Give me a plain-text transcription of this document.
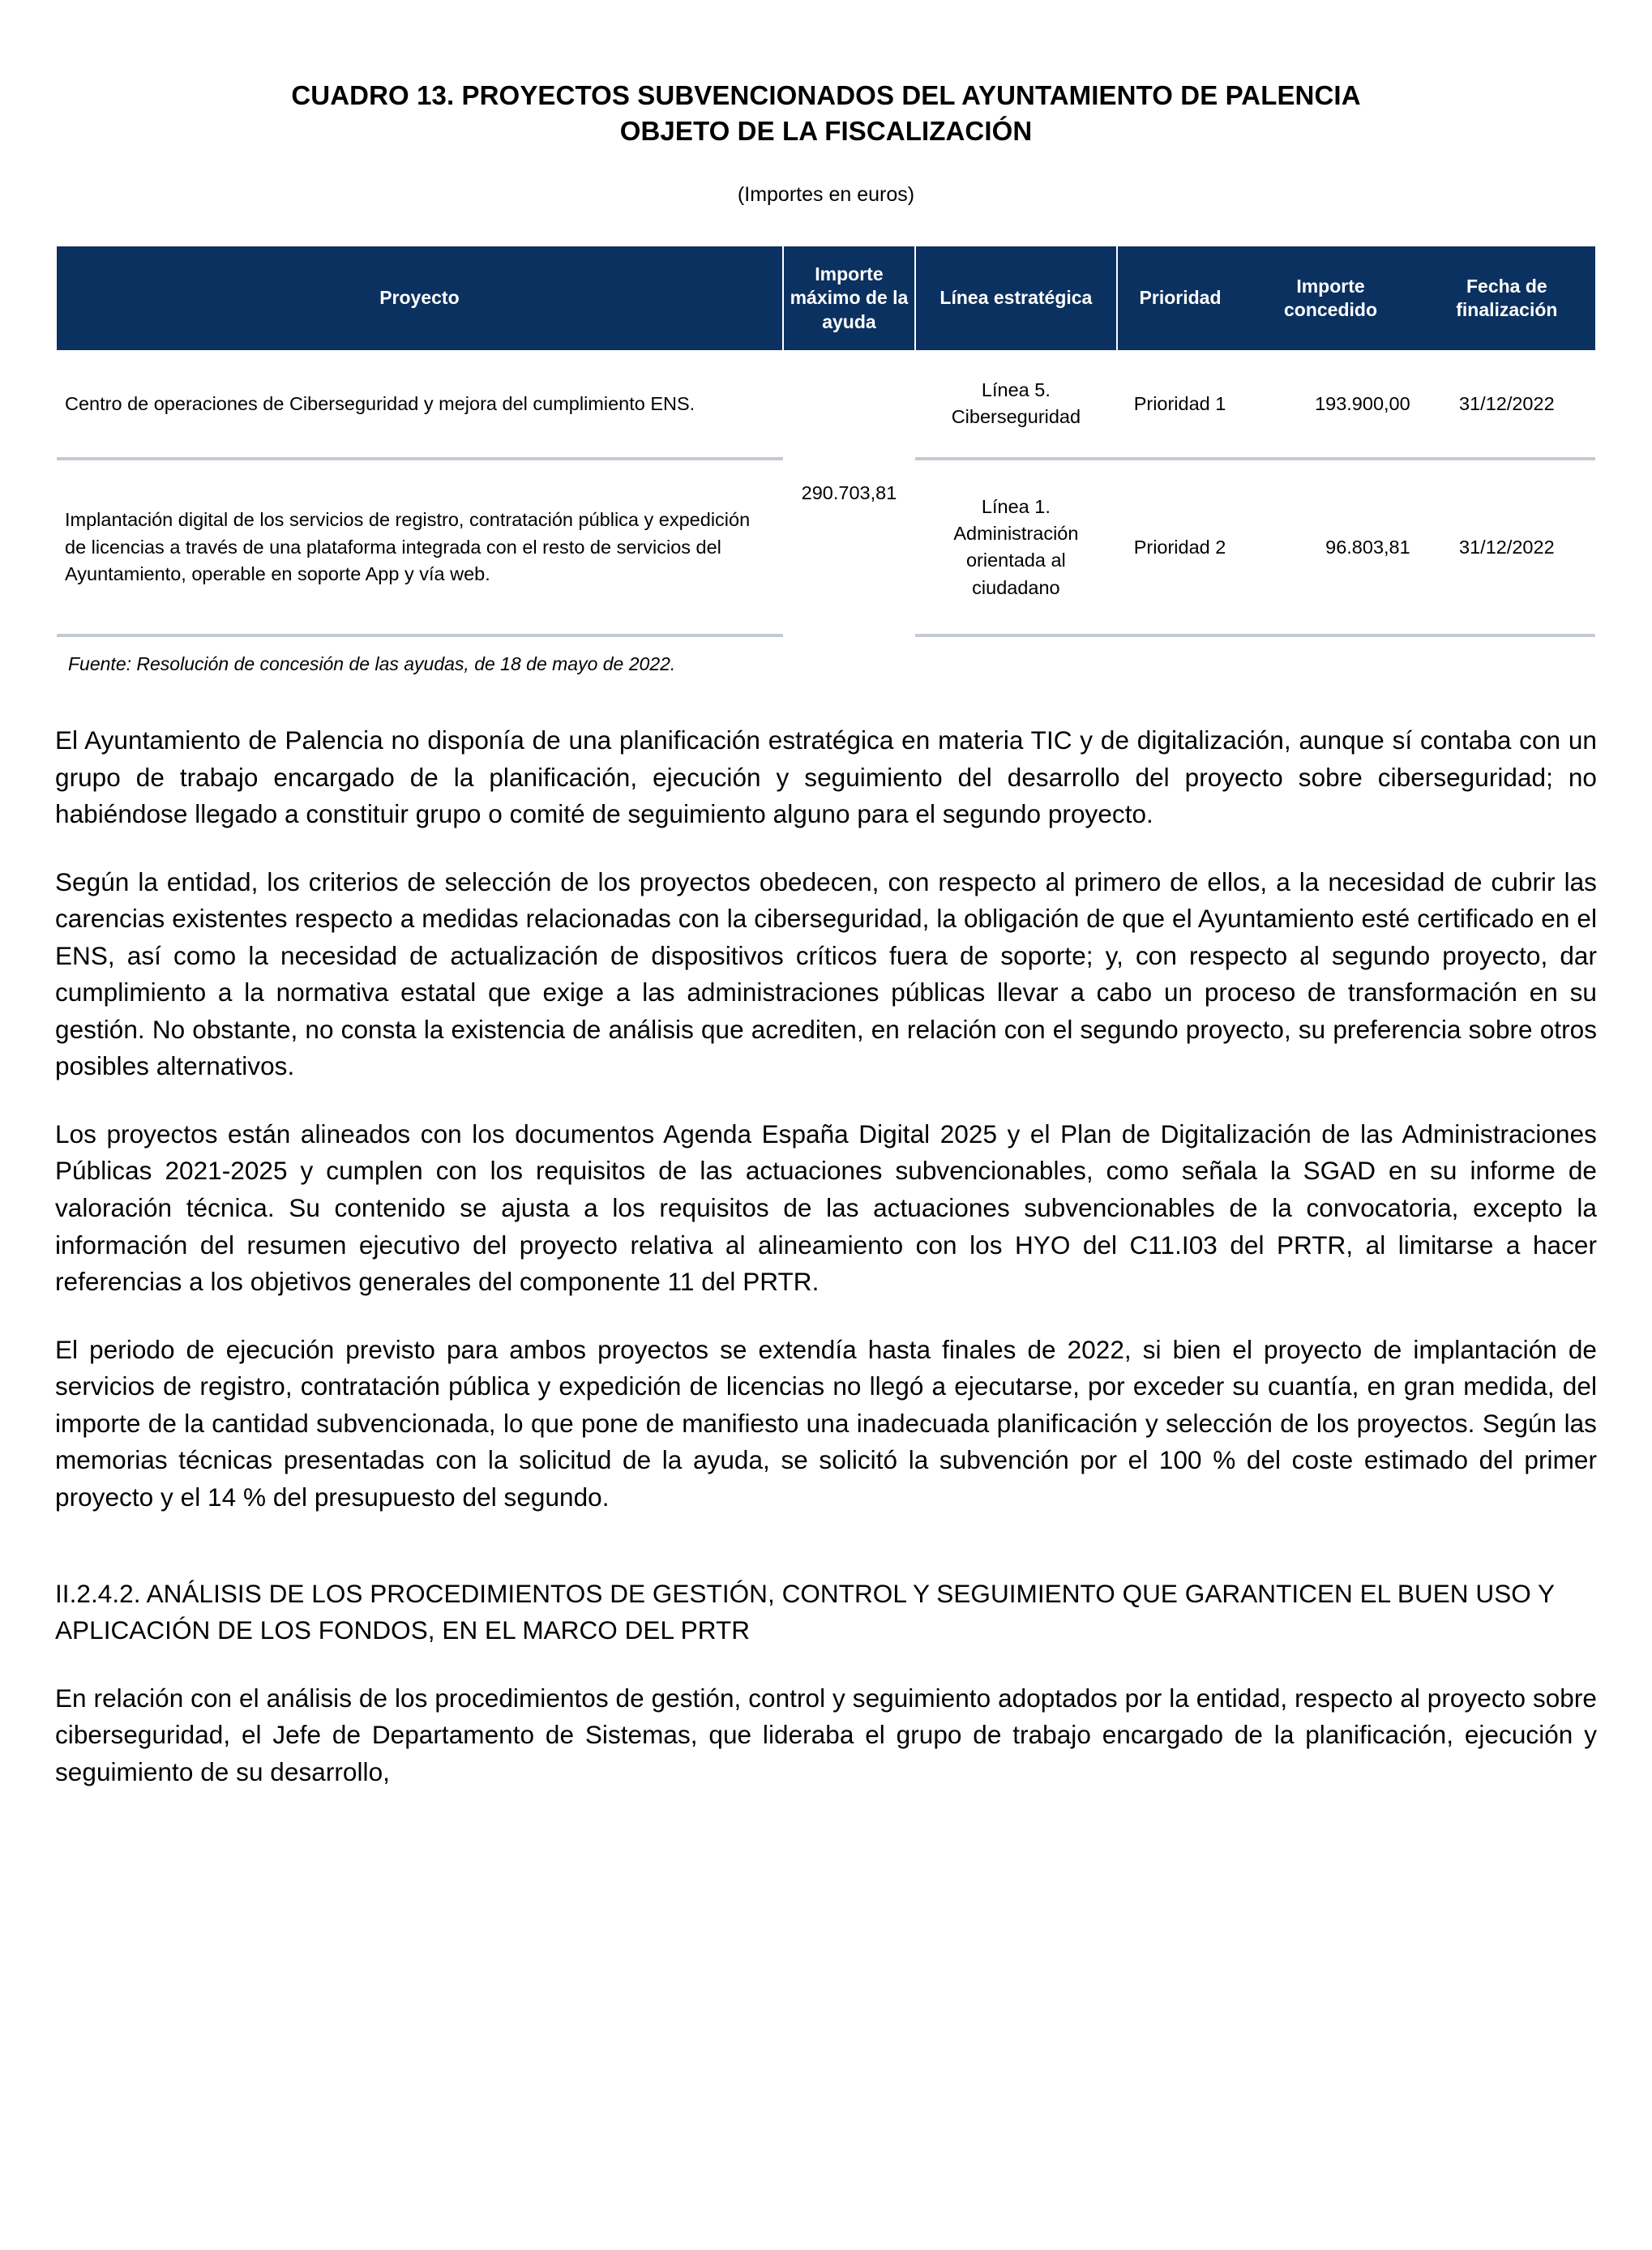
CUADRO 13. PROYECTOS SUBVENCIONADOS DEL AYUNTAMIENTO DE PALENCIA
OBJETO DE LA FISCALIZACIÓN

(Importes en euros)

Proyecto	Importe máximo de la ayuda	Línea estratégica	Prioridad	Importe concedido	Fecha de finalización
Centro de operaciones de Ciberseguridad y mejora del cumplimiento ENS.	290.703,81	Línea 5. Ciberseguridad	Prioridad 1	193.900,00	31/12/2022
Implantación digital de los servicios de registro, contratación pública y expedición de licencias a través de una plataforma integrada con el resto de servicios del Ayuntamiento, operable en soporte App y vía web.		Línea 1. Administración orientada al ciudadano	Prioridad 2	96.803,81	31/12/2022

Fuente: Resolución de concesión de las ayudas, de 18 de mayo de 2022.

El Ayuntamiento de Palencia no disponía de una planificación estratégica en materia TIC y de digitalización, aunque sí contaba con un grupo de trabajo encargado de la planificación, ejecución y seguimiento del desarrollo del proyecto sobre ciberseguridad; no habiéndose llegado a constituir grupo o comité de seguimiento alguno para el segundo proyecto.

Según la entidad, los criterios de selección de los proyectos obedecen, con respecto al primero de ellos, a la necesidad de cubrir las carencias existentes respecto a medidas relacionadas con la ciberseguridad, la obligación de que el Ayuntamiento esté certificado en el ENS, así como la necesidad de actualización de dispositivos críticos fuera de soporte; y, con respecto al segundo proyecto, dar cumplimiento a la normativa estatal que exige a las administraciones públicas llevar a cabo un proceso de transformación en su gestión. No obstante, no consta la existencia de análisis que acrediten, en relación con el segundo proyecto, su preferencia sobre otros posibles alternativos.

Los proyectos están alineados con los documentos Agenda España Digital 2025 y el Plan de Digitalización de las Administraciones Públicas 2021-2025 y cumplen con los requisitos de las actuaciones subvencionables, como señala la SGAD en su informe de valoración técnica. Su contenido se ajusta a los requisitos de las actuaciones subvencionables de la convocatoria, excepto la información del resumen ejecutivo del proyecto relativa al alineamiento con los HYO del C11.I03 del PRTR, al limitarse a hacer referencias a los objetivos generales del componente 11 del PRTR.

El periodo de ejecución previsto para ambos proyectos se extendía hasta finales de 2022, si bien el proyecto de implantación de servicios de registro, contratación pública y expedición de licencias no llegó a ejecutarse, por exceder su cuantía, en gran medida, del importe de la cantidad subvencionada, lo que pone de manifiesto una inadecuada planificación y selección de los proyectos. Según las memorias técnicas presentadas con la solicitud de la ayuda, se solicitó la subvención por el 100 % del coste estimado del primer proyecto y el 14 % del presupuesto del segundo.

II.2.4.2. ANÁLISIS DE LOS PROCEDIMIENTOS DE GESTIÓN, CONTROL Y SEGUIMIENTO QUE GARANTICEN EL BUEN USO Y APLICACIÓN DE LOS FONDOS, EN EL MARCO DEL PRTR

En relación con el análisis de los procedimientos de gestión, control y seguimiento adoptados por la entidad, respecto al proyecto sobre ciberseguridad, el Jefe de Departamento de Sistemas, que lideraba el grupo de trabajo encargado de la planificación, ejecución y seguimiento de su desarrollo,
